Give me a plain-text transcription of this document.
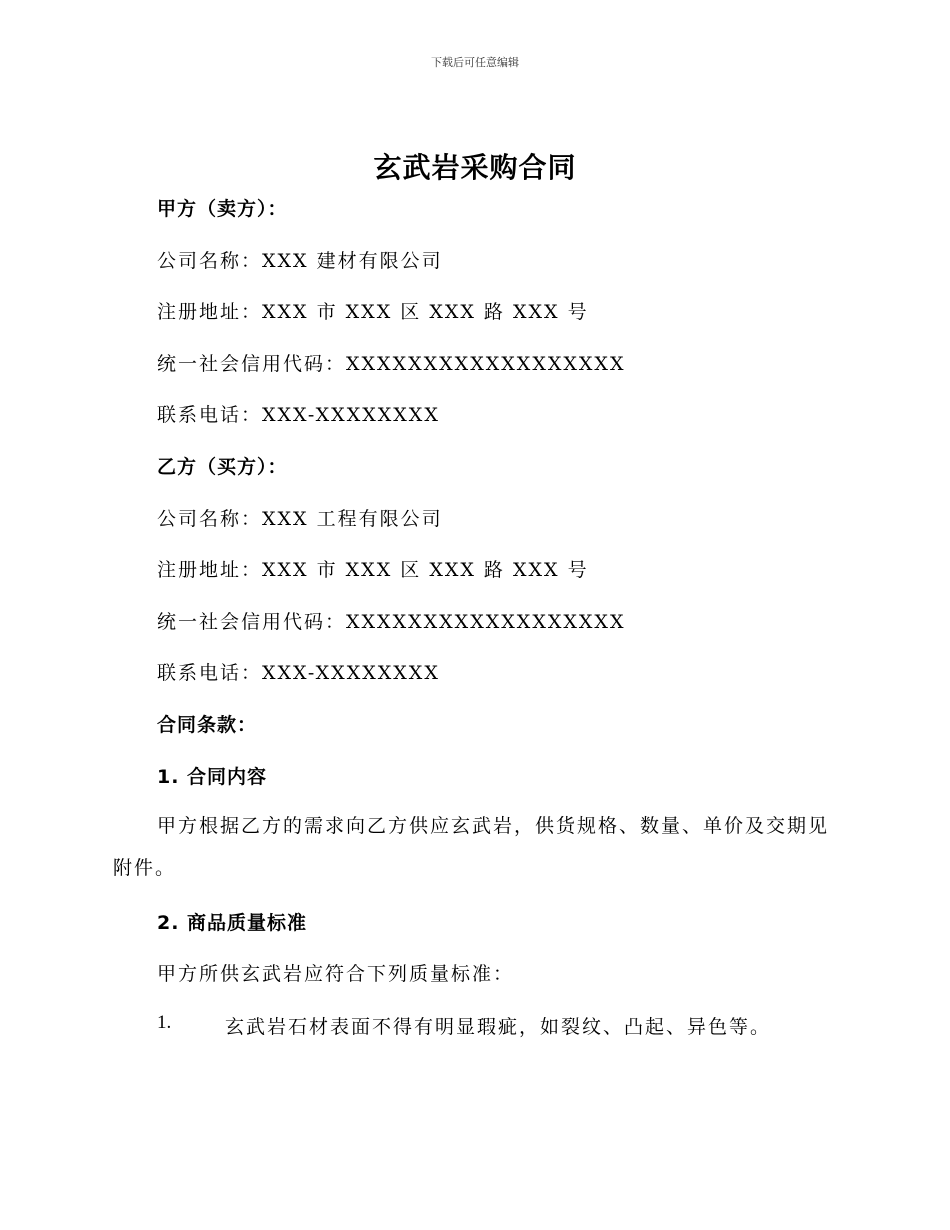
下载后可任意编辑
玄武岩采购合同
甲方（卖方）：
公司名称：XXX 建材有限公司
注册地址：XXX 市 XXX 区 XXX 路 XXX 号
统一社会信用代码：XXXXXXXXXXXXXXXXXX
联系电话：XXX-XXXXXXXX
乙方（买方）：
公司名称：XXX 工程有限公司
注册地址：XXX 市 XXX 区 XXX 路 XXX 号
统一社会信用代码：XXXXXXXXXXXXXXXXXX
联系电话：XXX-XXXXXXXX
合同条款：
1. 合同内容
甲方根据乙方的需求向乙方供应玄武岩，供货规格、数量、单价及交期见附件。
2. 商品质量标准
甲方所供玄武岩应符合下列质量标准：
1.	玄武岩石材表面不得有明显瑕疵，如裂纹、凸起、异色等。
